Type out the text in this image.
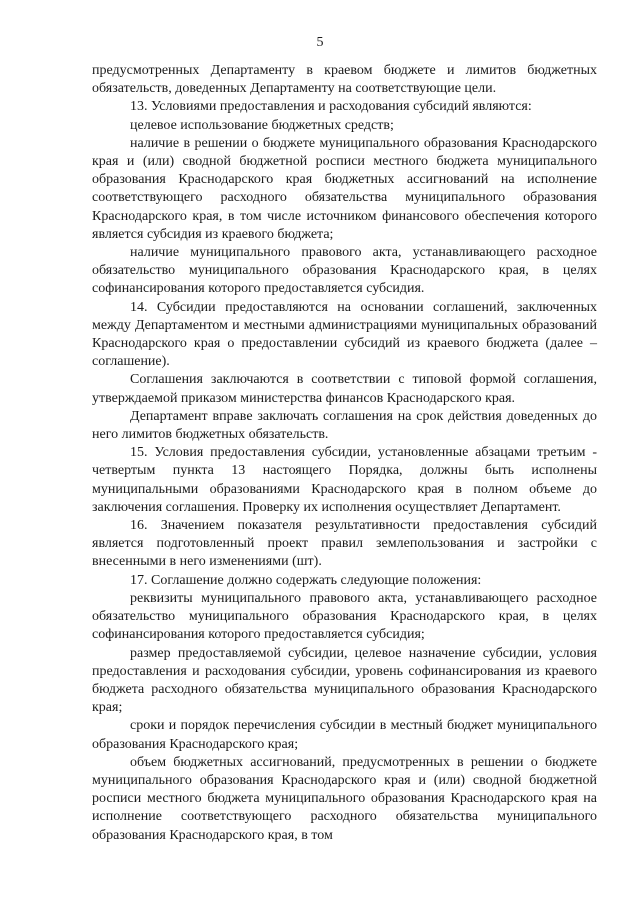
5

предусмотренных Департаменту в краевом бюджете и лимитов бюджетных обязательств, доведенных Департаменту на соответствующие цели.

13. Условиями предоставления и расходования субсидий являются:

целевое использование бюджетных средств;

наличие в решении о бюджете муниципального образования Краснодарского края и (или) сводной бюджетной росписи местного бюджета муниципального образования Краснодарского края бюджетных ассигнований на исполнение соответствующего расходного обязательства муниципального образования Краснодарского края, в том числе источником финансового обеспечения которого является субсидия из краевого бюджета;

наличие муниципального правового акта, устанавливающего расходное обязательство муниципального образования Краснодарского края, в целях софинансирования которого предоставляется субсидия.

14. Субсидии предоставляются на основании соглашений, заключенных между Департаментом и местными администрациями муниципальных образований Краснодарского края о предоставлении субсидий из краевого бюджета (далее – соглашение).

Соглашения заключаются в соответствии с типовой формой соглашения, утверждаемой приказом министерства финансов Краснодарского края.

Департамент вправе заключать соглашения на срок действия доведенных до него лимитов бюджетных обязательств.

15. Условия предоставления субсидии, установленные абзацами третьим - четвертым пункта 13 настоящего Порядка, должны быть исполнены муниципальными образованиями Краснодарского края в полном объеме до заключения соглашения. Проверку их исполнения осуществляет Департамент.

16. Значением показателя результативности предоставления субсидий является подготовленный проект правил землепользования и застройки с внесенными в него изменениями (шт).

17. Соглашение должно содержать следующие положения:

реквизиты муниципального правового акта, устанавливающего расходное обязательство муниципального образования Краснодарского края, в целях софинансирования которого предоставляется субсидия;

размер предоставляемой субсидии, целевое назначение субсидии, условия предоставления и расходования субсидии, уровень софинансирования из краевого бюджета расходного обязательства муниципального образования Краснодарского края;

сроки и порядок перечисления субсидии в местный бюджет муниципального образования Краснодарского края;

объем бюджетных ассигнований, предусмотренных в решении о бюджете муниципального образования Краснодарского края и (или) сводной бюджетной росписи местного бюджета муниципального образования Краснодарского края на исполнение соответствующего расходного обязательства муниципального образования Краснодарского края, в том
